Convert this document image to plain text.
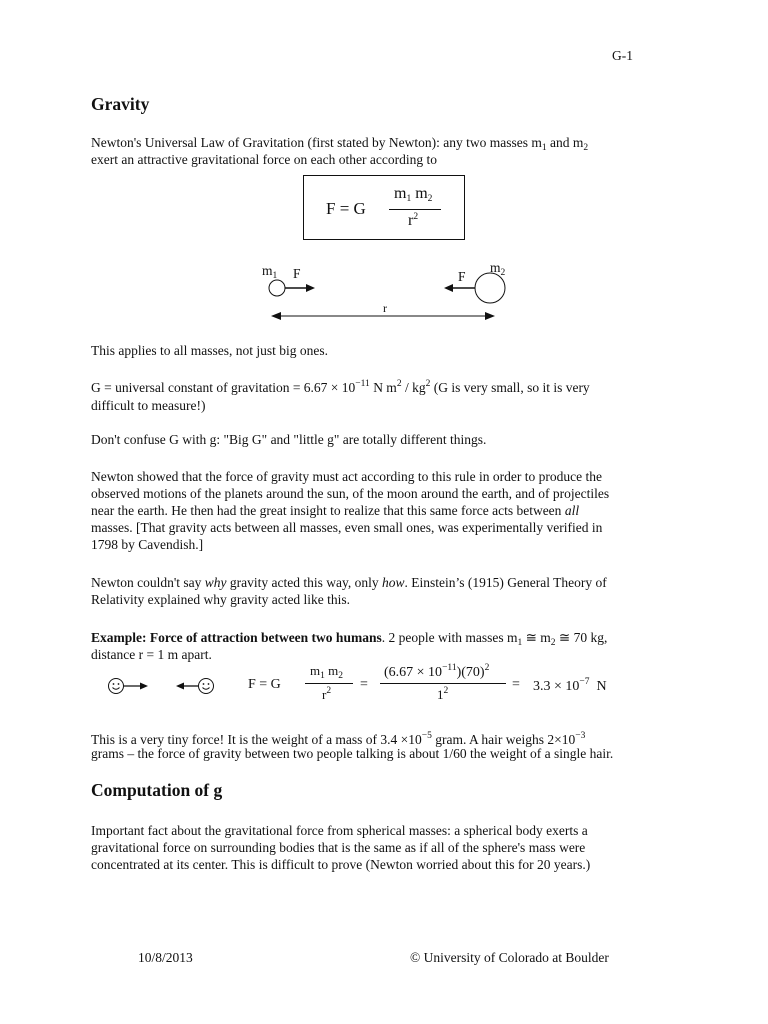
G-1
Gravity
Newton's Universal Law of Gravitation (first stated by Newton): any two masses $m_1$ and $m_2$
exert an attractive gravitational force on each other according to
F = G
$m_1$ $m_2$
$r^2$
$m_1$ F	F
$m_2$
r
This applies to all masses, not just big ones.
G = universal constant of gravitation = $6.67 \times 10^{-11}$ N $m^2 / kg^2$ (G is very small, so it is very
difficult to measure!)
Don't confuse G with g: "Big G" and "little g" are totally different things.
Newton showed that the force of gravity must act according to this rule in order to produce the
observed motions of the planets around the sun, of the moon around the earth, and of projectiles
near the earth. He then had the great insight to realize that this same force acts between all
masses. [That gravity acts between all masses, even small ones, was experimentally verified in
1798 by Cavendish.]
Newton couldn't say why gravity acted this way, only how. Einstein’s (1915) General Theory of
Relativity explained why gravity acted like this.
Example: Force of attraction between two humans. 2 people with masses $m_1$ ≅ $m_2$ ≅ 70 kg,
distance r = 1 m apart.
F = G
$m_1$ $m_2$
$r^2$ =
$(6.67 \times 10^{-11})(70)^2$
$1^2$	= $3.3 \times 10^{-7}$ N
This is a very tiny force! It is the weight of a mass of $3.4 \times 10^{-5}$ gram. A hair weighs $2\times 10^{-3}$
grams – the force of gravity between two people talking is about 1/60 the weight of a single hair.
Computation of g
Important fact about the gravitational force from spherical masses: a spherical body exerts a
gravitational force on surrounding bodies that is the same as if all of the sphere's mass were
concentrated at its center. This is difficult to prove (Newton worried about this for 20 years.)
10/8/2013	© University of Colorado at Boulder
